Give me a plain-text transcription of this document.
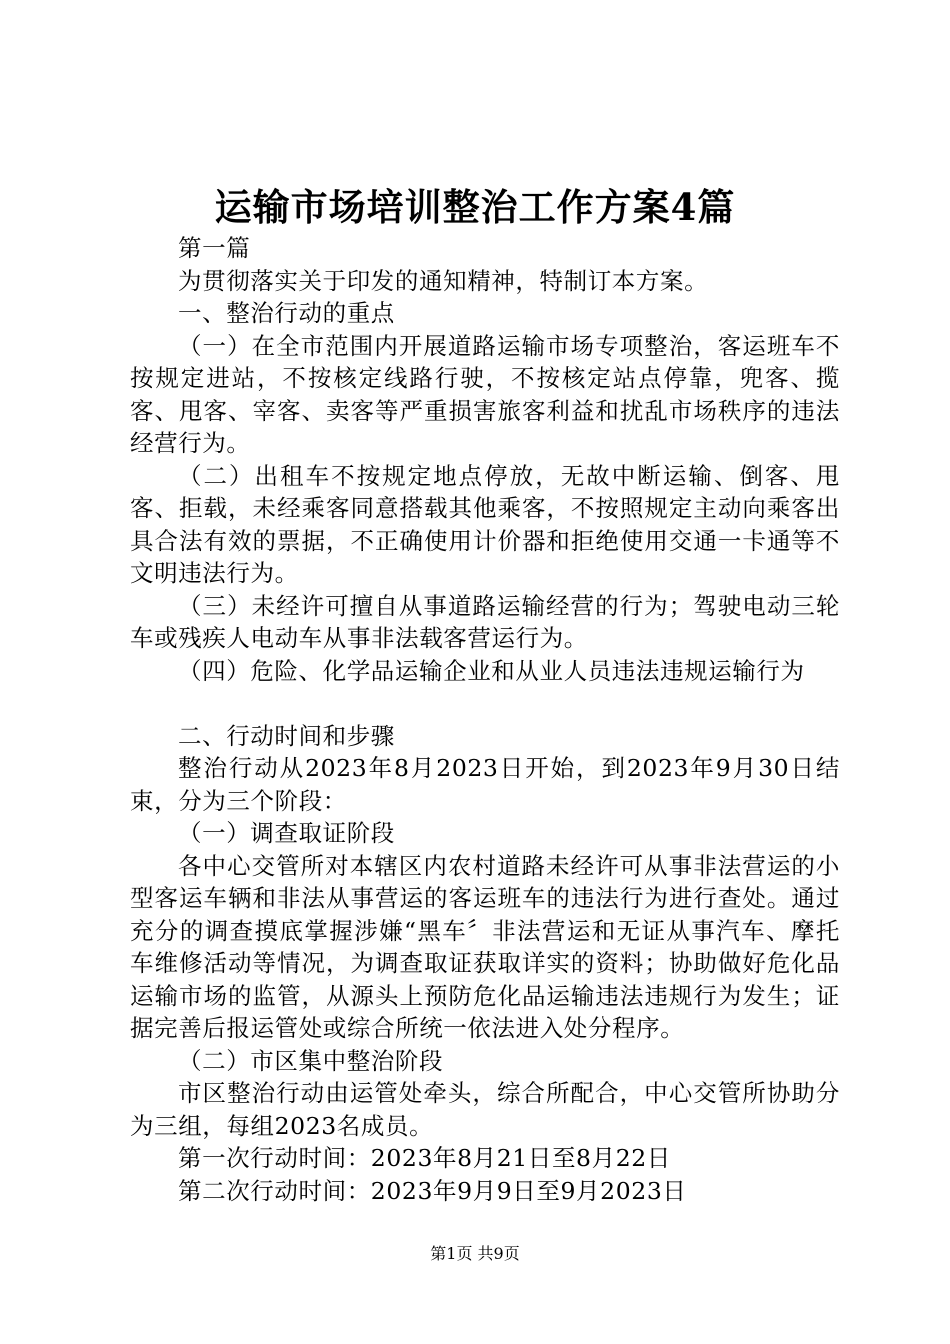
运输市场培训整治工作方案4篇

第一篇

为贯彻落实关于印发的通知精神，特制订本方案。

一、整治行动的重点

（一）在全市范围内开展道路运输市场专项整治，客运班车不按规定进站，不按核定线路行驶，不按核定站点停靠，兜客、揽客、甩客、宰客、卖客等严重损害旅客利益和扰乱市场秩序的违法经营行为。

（二）出租车不按规定地点停放，无故中断运输、倒客、甩客、拒载，未经乘客同意搭载其他乘客，不按照规定主动向乘客出具合法有效的票据，不正确使用计价器和拒绝使用交通一卡通等不文明违法行为。

（三）未经许可擅自从事道路运输经营的行为；驾驶电动三轮车或残疾人电动车从事非法载客营运行为。

（四）危险、化学品运输企业和从业人员违法违规运输行为

二、行动时间和步骤

整治行动从2023年8月2023日开始，到2023年9月30日结束，分为三个阶段：

（一）调查取证阶段

各中心交管所对本辖区内农村道路未经许可从事非法营运的小型客运车辆和非法从事营运的客运班车的违法行为进行查处。通过充分的调查摸底掌握涉嫌“黑车〞非法营运和无证从事汽车、摩托车维修活动等情况，为调查取证获取详实的资料；协助做好危化品运输市场的监管，从源头上预防危化品运输违法违规行为发生；证据完善后报运管处或综合所统一依法进入处分程序。

（二）市区集中整治阶段

市区整治行动由运管处牵头，综合所配合，中心交管所协助分为三组，每组2023名成员。

第一次行动时间：2023年8月21日至8月22日

第二次行动时间：2023年9月9日至9月2023日

第1页 共9页
